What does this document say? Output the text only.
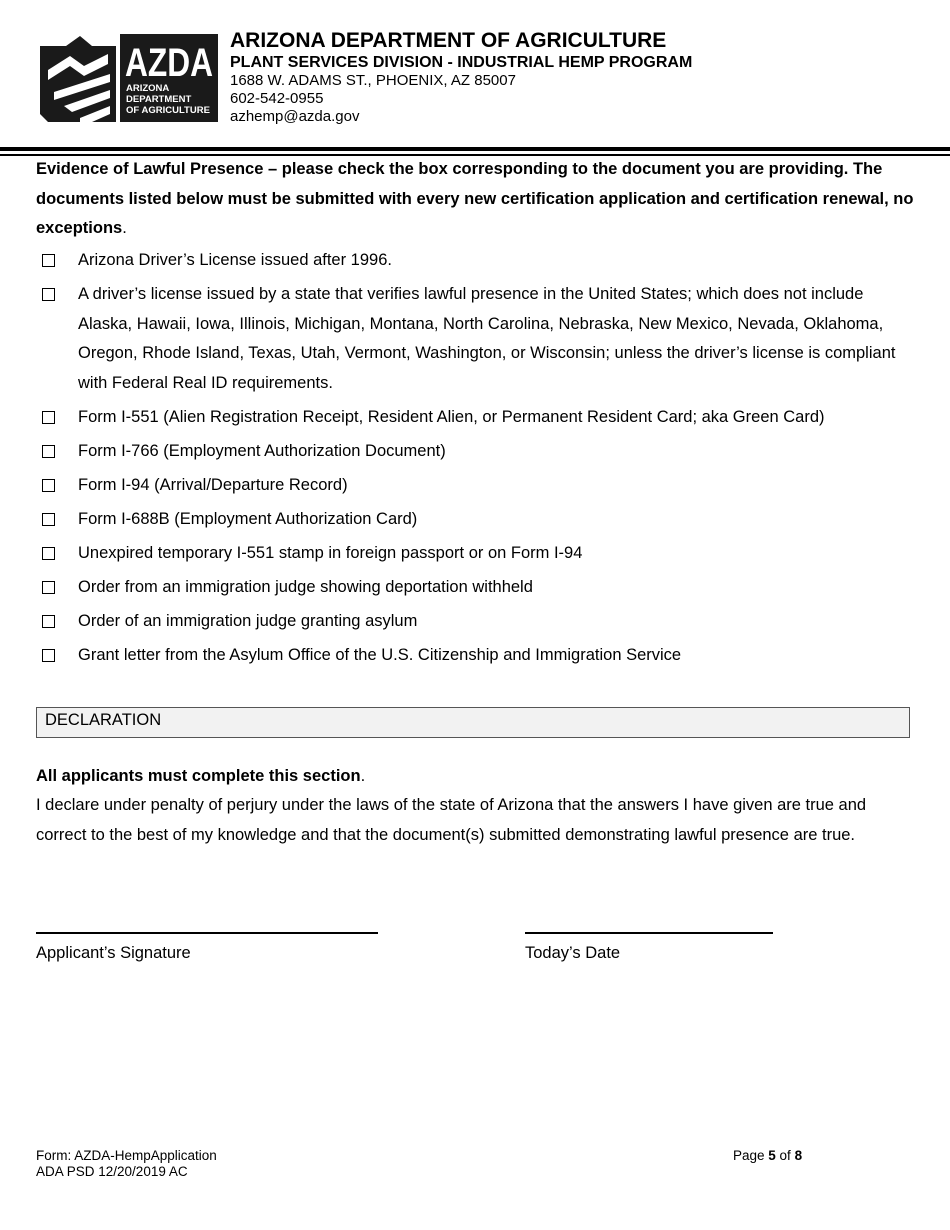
AZDA
ARIZONA
DEPARTMENT
OF AGRICULTURE
ARIZONA DEPARTMENT OF AGRICULTURE
PLANT SERVICES DIVISION - INDUSTRIAL HEMP PROGRAM
1688 W. ADAMS ST., PHOENIX, AZ 85007
602-542-0955
azhemp@azda.gov

Evidence of Lawful Presence – please check the box corresponding to the document you are providing. The documents listed below must be submitted with every new certification application and certification renewal, no exceptions.

Arizona Driver’s License issued after 1996.
A driver’s license issued by a state that verifies lawful presence in the United States; which does not include Alaska, Hawaii, Iowa, Illinois, Michigan, Montana, North Carolina, Nebraska, New Mexico, Nevada, Oklahoma, Oregon, Rhode Island, Texas, Utah, Vermont, Washington, or Wisconsin; unless the driver’s license is compliant with Federal Real ID requirements.
Form I-551 (Alien Registration Receipt, Resident Alien, or Permanent Resident Card; aka Green Card)
Form I-766 (Employment Authorization Document)
Form I-94 (Arrival/Departure Record)
Form I-688B (Employment Authorization Card)
Unexpired temporary I-551 stamp in foreign passport or on Form I-94
Order from an immigration judge showing deportation withheld
Order of an immigration judge granting asylum
Grant letter from the Asylum Office of the U.S. Citizenship and Immigration Service
DECLARATION

All applicants must complete this section.

I declare under penalty of perjury under the laws of the state of Arizona that the answers I have given are true and correct to the best of my knowledge and that the document(s) submitted demonstrating lawful presence are true.

Applicant’s Signature	Today’s Date
Form: AZDA-HempApplication
ADA PSD 12/20/2019 AC
Page 5 of 8
